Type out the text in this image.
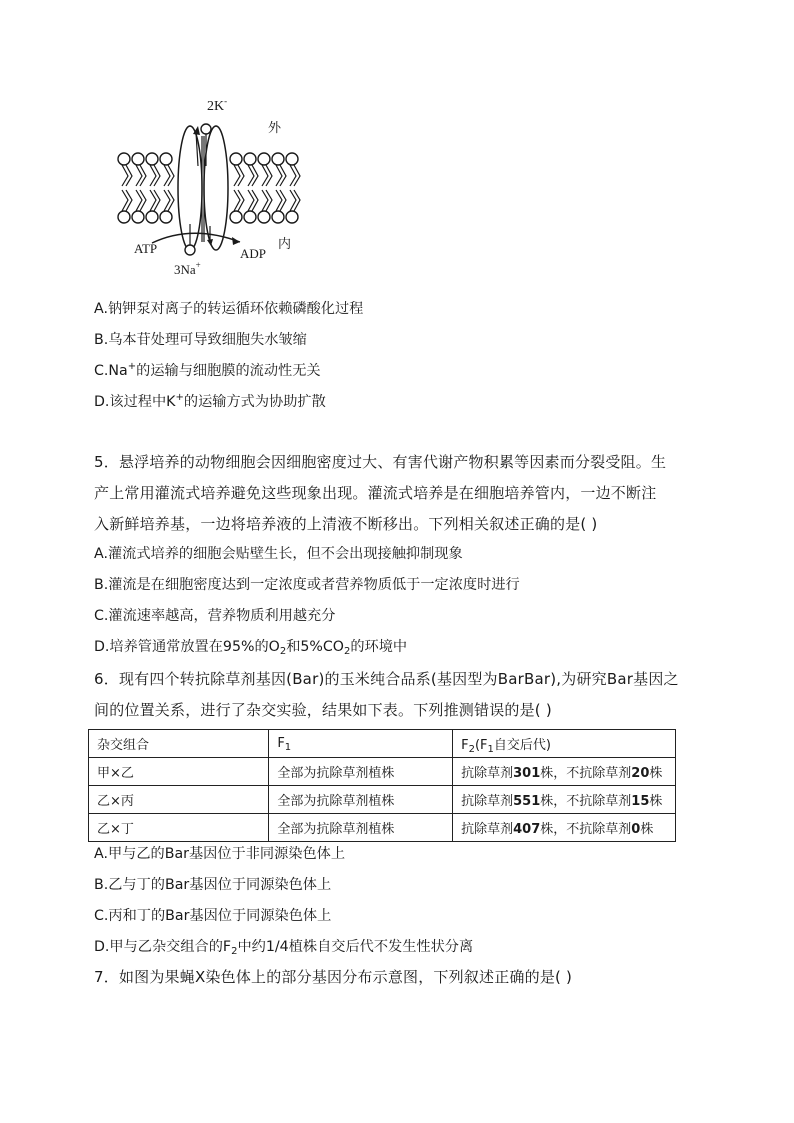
2K-
外
ATP	ADP
内
3Na+
A.钠钾泵对离子的转运循环依赖磷酸化过程
B.乌本苷处理可导致细胞失水皱缩
C.Na+的运输与细胞膜的流动性无关
D.该过程中K+的运输方式为协助扩散
5．悬浮培养的动物细胞会因细胞密度过大、有害代谢产物积累等因素而分裂受阻。生
产上常用灌流式培养避免这些现象出现。灌流式培养是在细胞培养管内，一边不断注
入新鲜培养基，一边将培养液的上清液不断移出。下列相关叙述正确的是( )
A.灌流式培养的细胞会贴壁生长，但不会出现接触抑制现象
B.灌流是在细胞密度达到一定浓度或者营养物质低于一定浓度时进行
C.灌流速率越高，营养物质利用越充分
D.培养管通常放置在95%的$O_2$和$5\%CO_2$的环境中
6．现有四个转抗除草剂基因(Bar)的玉米纯合品系(基因型为BarBar),为研究Bar基因之
间的位置关系，进行了杂交实验，结果如下表。下列推测错误的是( )
杂交组合	$F_1$	$F_2(F_1$自交后代)
甲×乙	全部为抗除草剂植株	抗除草剂301株，不抗除草剂20株
乙×丙	全部为抗除草剂植株	抗除草剂551株，不抗除草剂15株
乙×丁	全部为抗除草剂植株	抗除草剂407株，不抗除草剂0株
A.甲与乙的Bar基因位于非同源染色体上
B.乙与丁的Bar基因位于同源染色体上
C.丙和丁的Bar基因位于同源染色体上
D.甲与乙杂交组合的$F_2$中约1/4植株自交后代不发生性状分离
7．如图为果蝇X染色体上的部分基因分布示意图，下列叙述正确的是( )
